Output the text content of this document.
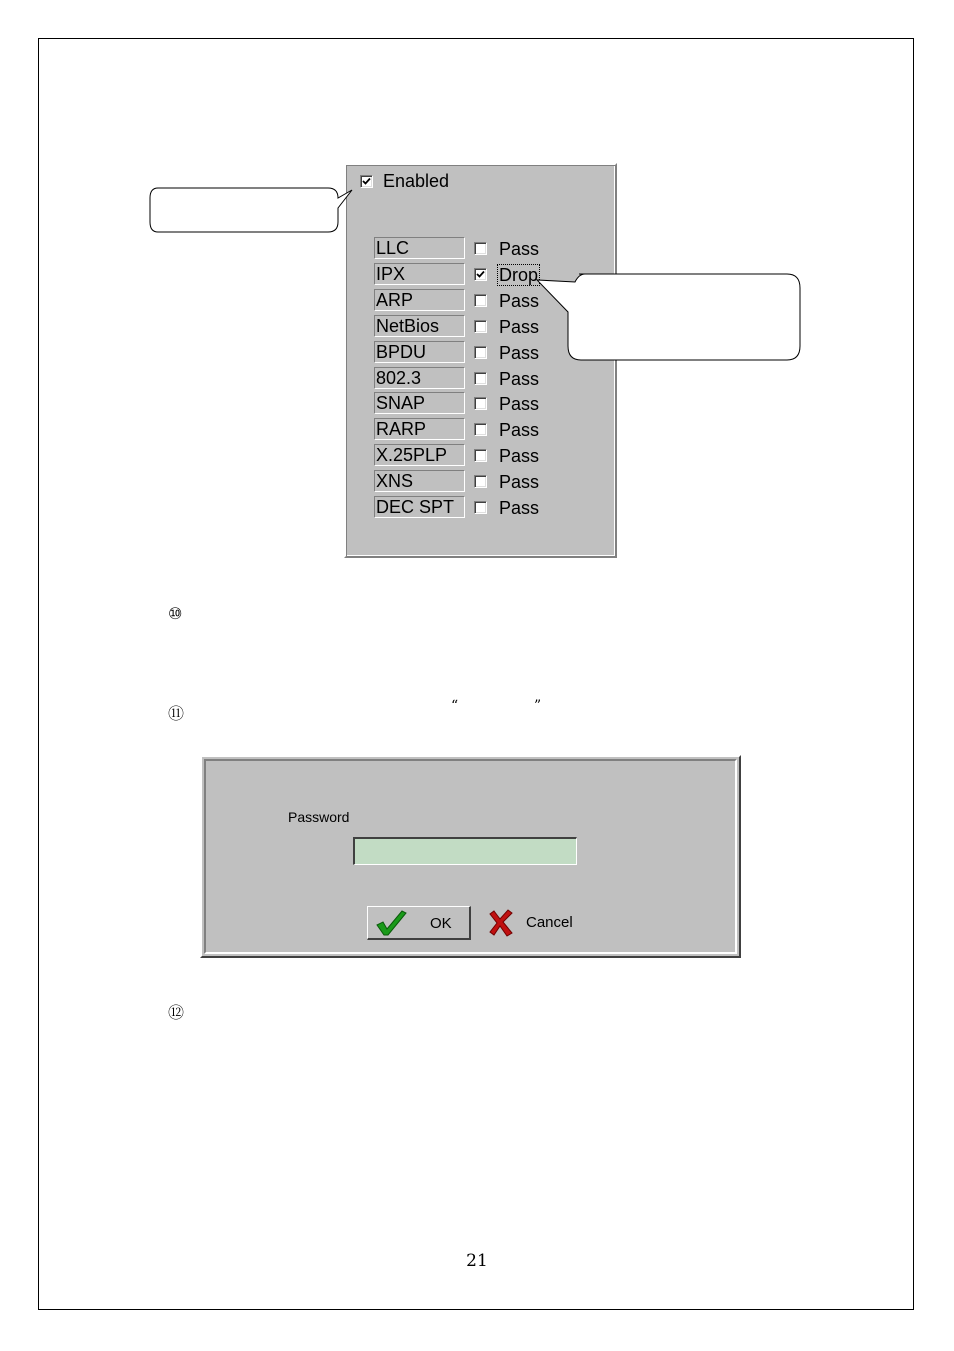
Enabled
LLC	Pass
IPX	Drop
ARP	Pass
NetBios	Pass
BPDU	Pass
802.3	Pass
SNAP	Pass
RARP	Pass
X.25PLP	Pass
XNS	Pass
DEC SPT	Pass
⑩
⑪	“	”
⑫
Password
OK	Cancel
21
